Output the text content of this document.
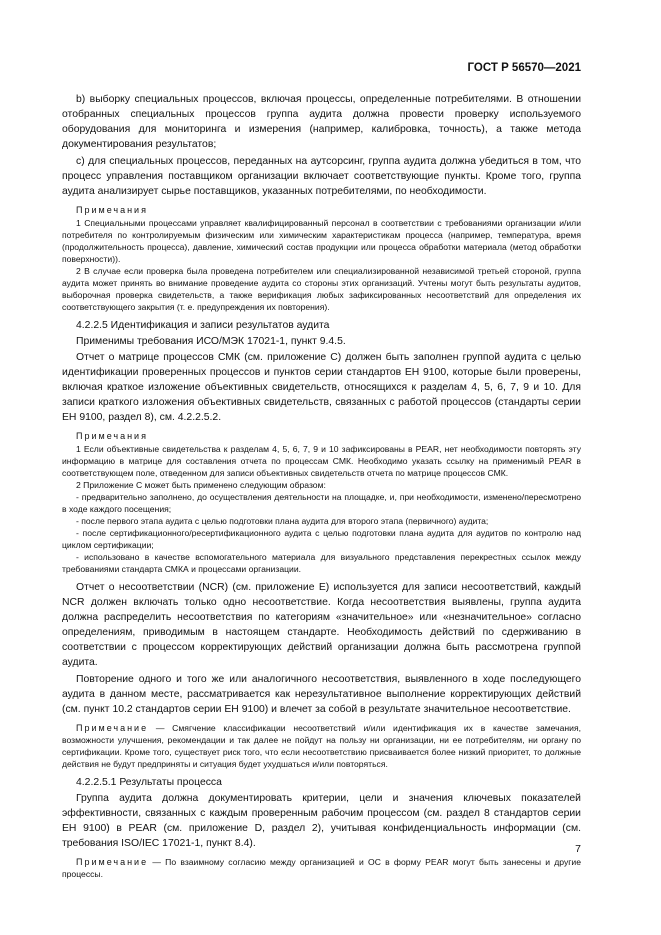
ГОСТ Р 56570—2021

b) выборку специальных процессов, включая процессы, определенные потребителями. В отношении отобранных специальных процессов группа аудита должна провести проверку используемого оборудования для мониторинга и измерения (например, калибровка, точность), а также метода документирования результатов;

с) для специальных процессов, переданных на аутсорсинг, группа аудита должна убедиться в том, что процесс управления поставщиком организации включает соответствующие пункты. Кроме того, группа аудита анализирует сырье поставщиков, указанных потребителями, по необходимости.

Примечания

1 Специальными процессами управляет квалифицированный персонал в соответствии с требованиями организации и/или потребителя по контролируемым физическим или химическим характеристикам процесса (например, температура, время (продолжительность процесса), давление, химический состав продукции или процесса обработки материала (метод обработки поверхности)).

2 В случае если проверка была проведена потребителем или специализированной независимой третьей стороной, группа аудита может принять во внимание проведение аудита со стороны этих организаций. Учтены могут быть результаты аудитов, выборочная проверка свидетельств, а также верификация любых зафиксированных несоответствий для определения их соответствующего закрытия (т. е. предупреждения их повторения).

4.2.2.5 Идентификация и записи результатов аудита

Применимы требования ИСО/МЭК 17021-1, пункт 9.4.5.

Отчет о матрице процессов СМК (см. приложение С) должен быть заполнен группой аудита с целью идентификации проверенных процессов и пунктов серии стандартов ЕН 9100, которые были проверены, включая краткое изложение объективных свидетельств, относящихся к разделам 4, 5, 6, 7, 9 и 10. Для записи краткого изложения объективных свидетельств, связанных с работой процессов (стандарты серии ЕН 9100, раздел 8), см. 4.2.2.5.2.

Примечания

1 Если объективные свидетельства к разделам 4, 5, 6, 7, 9 и 10 зафиксированы в PEAR, нет необходимости повторять эту информацию в матрице для составления отчета по процессам СМК. Необходимо указать ссылку на применимый PEAR в соответствующем поле, отведенном для записи объективных свидетельств отчета по матрице процессов СМК.

2 Приложение С может быть применено следующим образом:

- предварительно заполнено, до осуществления деятельности на площадке, и, при необходимости, изменено/пересмотрено в ходе каждого посещения;

- после первого этапа аудита с целью подготовки плана аудита для второго этапа (первичного) аудита;

- после сертификационного/ресертификационного аудита с целью подготовки плана аудита для аудитов по контролю над циклом сертификации;

- использовано в качестве вспомогательного материала для визуального представления перекрестных ссылок между требованиями стандарта СМКА и процессами организации.

Отчет о несоответствии (NCR) (см. приложение Е) используется для записи несоответствий, каждый NCR должен включать только одно несоответствие. Когда несоответствия выявлены, группа аудита должна распределить несоответствия по категориям «значительное» или «незначительное» согласно определениям, приводимым в настоящем стандарте. Необходимость действий по сдерживанию в соответствии с процессом корректирующих действий организации должна быть рассмотрена группой аудита.

Повторение одного и того же или аналогичного несоответствия, выявленного в ходе последующего аудита в данном месте, рассматривается как нерезультативное выполнение корректирующих действий (см. пункт 10.2 стандартов серии ЕН 9100) и влечет за собой в результате значительное несоответствие.

Примечание — Смягчение классификации несоответствий и/или идентификация их в качестве замечания, возможности улучшения, рекомендации и так далее не пойдут на пользу ни организации, ни ее потребителям, ни органу по сертификации. Кроме того, существует риск того, что если несоответствию присваивается более низкий приоритет, то должные действия не будут предприняты и ситуация будет ухудшаться и/или повторяться.

4.2.2.5.1 Результаты процесса

Группа аудита должна документировать критерии, цели и значения ключевых показателей эффективности, связанных с каждым проверенным рабочим процессом (см. раздел 8 стандартов серии ЕН 9100) в PEAR (см. приложение D, раздел 2), учитывая конфиденциальность информации (см. требования ISO/IEC 17021-1, пункт 8.4).

Примечание — По взаимному согласию между организацией и ОС в форму PEAR могут быть занесены и другие процессы.

7
